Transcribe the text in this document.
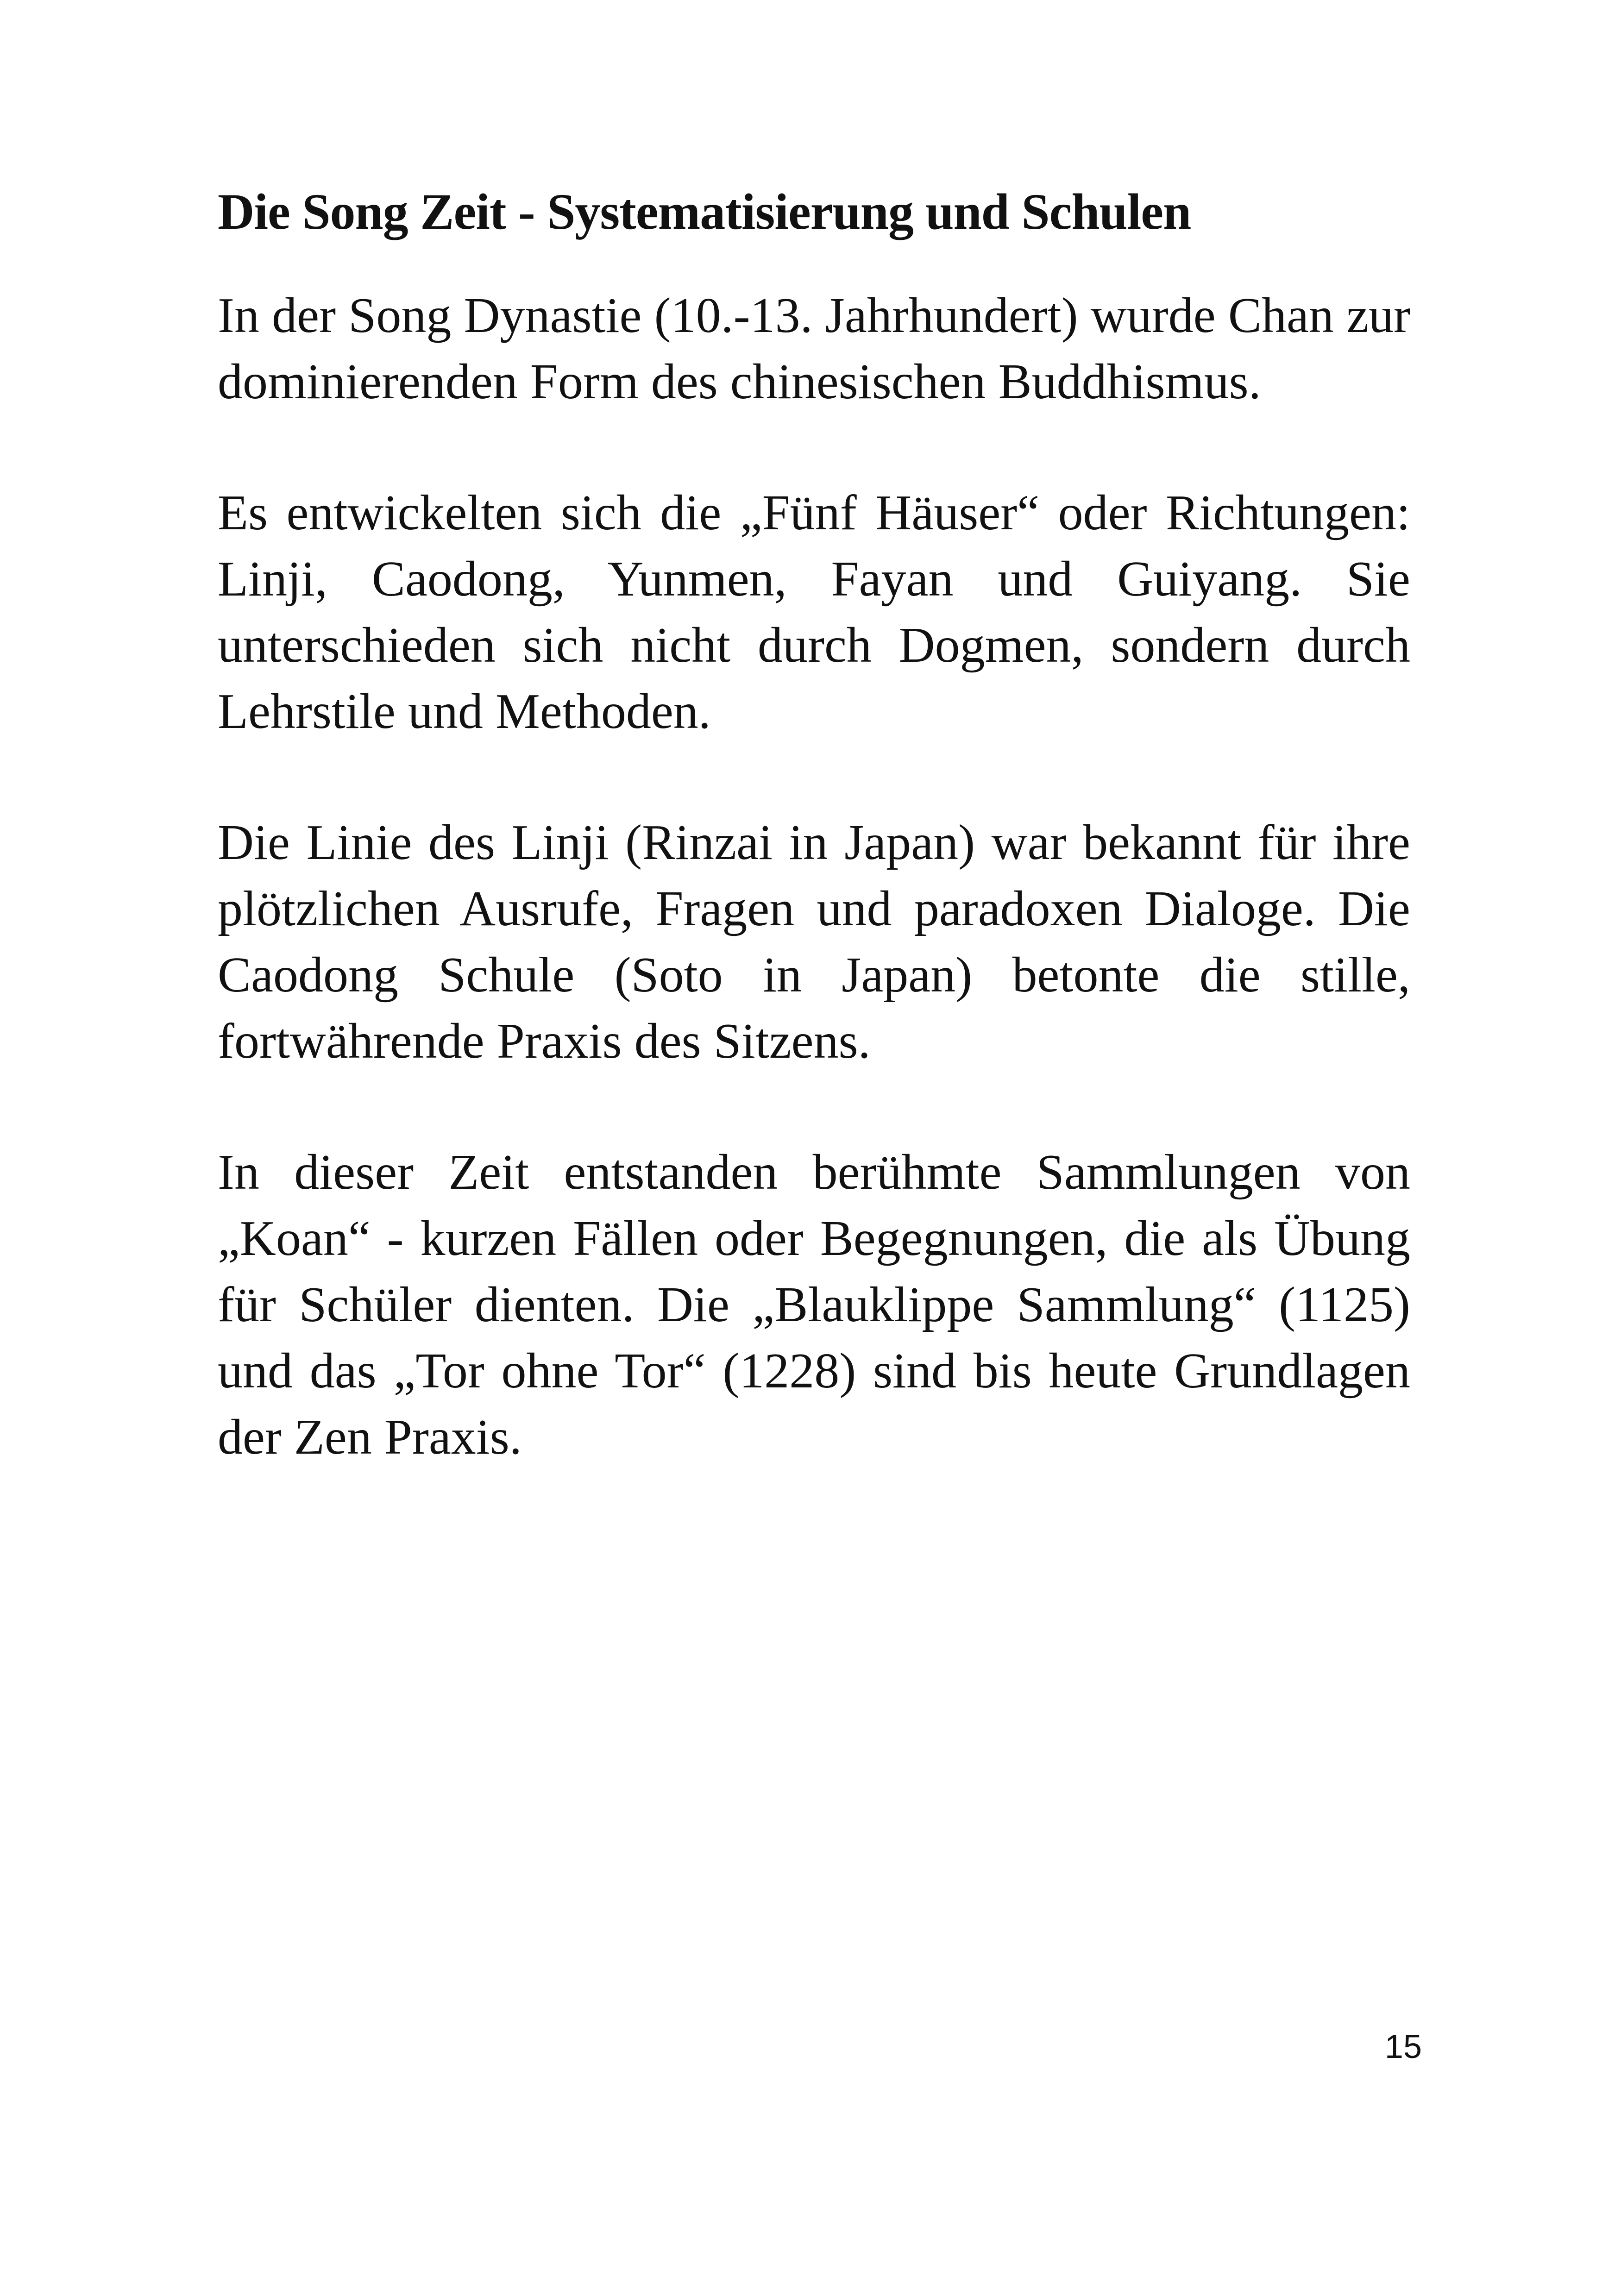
Die Song Zeit - Systematisierung und Schulen

In der Song Dynastie (10.-13. Jahrhundert) wurde Chan zur dominierenden Form des chinesischen Buddhismus.

Es entwickelten sich die „Fünf Häuser“ oder Richtungen: Linji, Caodong, Yunmen, Fayan und Guiyang. Sie unterschieden sich nicht durch Dogmen, sondern durch Lehrstile und Methoden.

Die Linie des Linji (Rinzai in Japan) war bekannt für ihre plötzlichen Ausrufe, Fragen und paradoxen Dialoge. Die Caodong Schule (Soto in Japan) betonte die stille, fortwährende Praxis des Sitzens.

In dieser Zeit entstanden berühmte Sammlungen von „Koan“ - kurzen Fällen oder Begegnungen, die als Übung für Schüler dienten. Die „Blauklippe Sammlung“ (1125) und das „Tor ohne Tor“ (1228) sind bis heute Grundlagen der Zen Praxis.

15
